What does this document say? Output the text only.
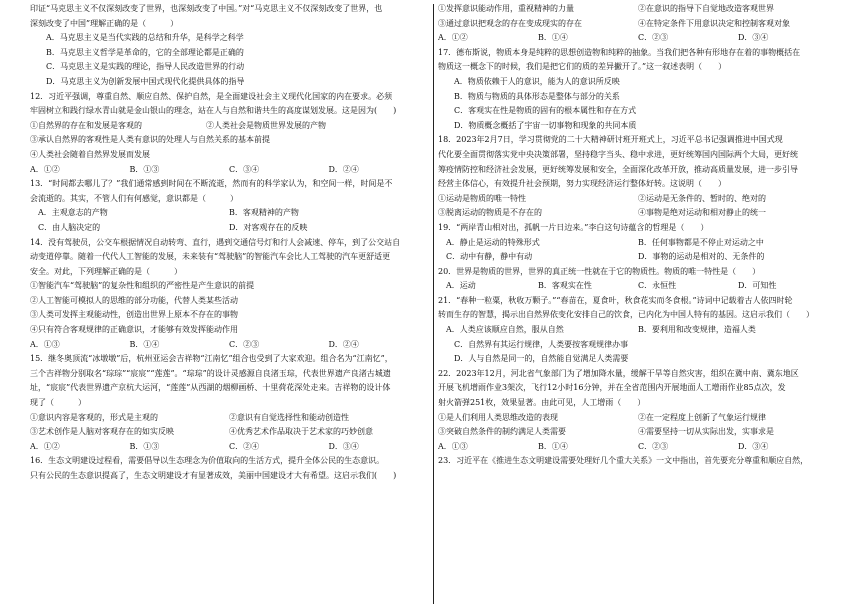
印证“马克思主义不仅深刻改变了世界，也深刻改变了中国。”对“马克思主义不仅深刻改变了世界，也
深刻改变了中国”理解正确的是（　　　）
A．马克思主义是当代实践的总结和升华，是科学之科学
B．马克思主义哲学是革命的，它的全部理论都是正确的
C．马克思主义是实践的理论，指导人民改造世界的行动
D．马克思主义为创新发展中国式现代化提供具体的指导
12．习近平强调，尊重自然、顺应自然、保护自然，是全面建设社会主义现代化国家的内在要求。必须
牢固树立和践行绿水青山就是金山银山的理念，站在人与自然和谐共生的高度谋划发展。这是因为(　　)
①自然界的存在和发展是客观的　　　　　　　　②人类社会是物质世界发展的产物
③承认自然界的客观性是人类有意识的处理人与自然关系的基本前提
④人类社会随着自然界发展而发展
A．①②	B．①③	C．③④	D．②④
13．“时间都去哪儿了？”我们通常感到时间在不断流逝，然而有的科学家认为，和空间一样，时间是不
会流逝的。其实，不管人们有何感觉，意识都是（　　　）
　A．主观意志的产物	B．客观精神的产物
　C．由人脑决定的	D．对客观存在的反映
14．没有驾驶员，公交车根据情况自动转弯、直行，遇到交通信号灯和行人会减速、停车，到了公交站自
动变道停靠。随着一代代人工智能的发展，未来装有“驾驶脑”的智能汽车会比人工驾驶的汽车更舒适更
安全。对此，下列理解正确的是（　　　）
①智能汽车“驾驶脑”的复杂性和组织的严密性是产生意识的前提
②人工智能可模拟人的思维的部分功能，代替人类某些活动
③人类可发挥主观能动性，创造出世界上原本不存在的事物
④只有符合客观规律的正确意识，才能够有效发挥能动作用
A．①③	B．①④	C．②③	D．②④
15．继冬奥顶流“冰墩墩”后，杭州亚运会吉祥物“江南忆”组合也受到了大家欢迎。组合名为“江南忆”，
三个吉祥物分别取名“琮琮”“宸宸”“莲莲”。“琮琮”的设计灵感源自良渚玉琮，代表世界遗产良渚古城遗
址，“宸宸”代表世界遗产京杭大运河，“莲莲”从西湖的烟柳画桥、十里荷花深处走来。吉祥物的设计体
现了（　　　）
①意识内容是客观的，形式是主观的	②意识有自觉选择性和能动创造性
③艺术创作是人脑对客观存在的如实反映	④优秀艺术作品取决于艺术家的巧妙创意
A．①②	B．①③	C．②④	D．③④
16．生态文明建设过程看，需要倡导以生态理念为价值取向的生活方式，提升全体公民的生态意识。
只有公民的生态意识提高了，生态文明建设才有显著成效，美丽中国建设才大有希望。这启示我们(　　)
①发挥意识能动作用，重视精神的力量	②在意识的指导下自觉地改造客观世界
③通过意识把观念的存在变成现实的存在	④在特定条件下用意识决定和控制客观对象
A．①②	B．①④	C．②③	D．③④
17．德布斯说，物质本身是纯粹的思想创造物和纯粹的抽象。当我们把各种有形地存在着的事物概括在
物质这一概念下的时候，我们是把它们的质的差异撇开了。”这一叙述表明（　　）
A．物质依赖于人的意识，能为人的意识所反映
B．物质与物质的具体形态是整体与部分的关系
C．客观实在性是物质的固有的根本属性和存在方式
D．物质概念概括了宇宙一切事物和现象的共同本质
18．2023年2月7日，学习贯彻党的二十大精神研讨班开班式上，习近平总书记强调推进中国式现
代化要全面贯彻落实党中央决策部署，坚持稳字当头、稳中求进，更好统筹国内国际两个大局，更好统
筹疫情防控和经济社会发展，更好统筹发展和安全，全面深化改革开放，推动高质量发展，进一步引导
经营主体信心，有效提升社会预期，努力实现经济运行整体好转。这说明（　　）
①运动是物质的唯一特性	②运动是无条件的、暂时的、绝对的
③脱离运动的物质是不存在的	④事物是绝对运动和相对静止的统一
19．“两岸青山相对出，孤帆一片日边来。”李白这句诗蕴含的哲理是（　　）
　A．静止是运动的特殊形式	B．任何事物都是不停止对运动之中
　C．动中有静，静中有动	D．事物的运动是相对的、无条件的
20．世界是物质的世界，世界的真正统一性就在于它的物质性。物质的唯一特性是（　　）
　A．运动	B．客观实在性	C．永恒性	D．可知性
21．“春种一粒粟，秋收万颗子。”“春苗在，夏食叶，秋食花实而冬食根。”诗词中记载着古人依四时轮
转而生存的智慧，揭示出自然界依变化安排自己的饮食，已内化为中国人特有的基因。这启示我们（　　）
　A．人类应该顺应自然，服从自然	B．要利用和改变规律，造福人类
C．自然界有其运行规律，人类要按客观规律办事
D．人与自然是同一的，自然能自觉满足人类需要
22．2023年12月，河北省气象部门为了增加降水量，缓解干旱等自然灾害，组织在冀中南、冀东地区
开展飞机增雨作业3架次，飞行12小时16分钟，并在全省范围内开展地面人工增雨作业85点次，发
射火箭弹251枚，效果显著。由此可见，人工增雨（　　）
①是人们利用人类思维改造的表现	②在一定程度上创新了气象运行规律
③突破自然条件的制约满足人类需要	④需要坚持一切从实际出发，实事求是
A．①③	B．①④	C．②③	D．③④
23．习近平在《推进生态文明建设需要处理好几个重大关系》一文中指出，首先要充分尊重和顺应自然，
